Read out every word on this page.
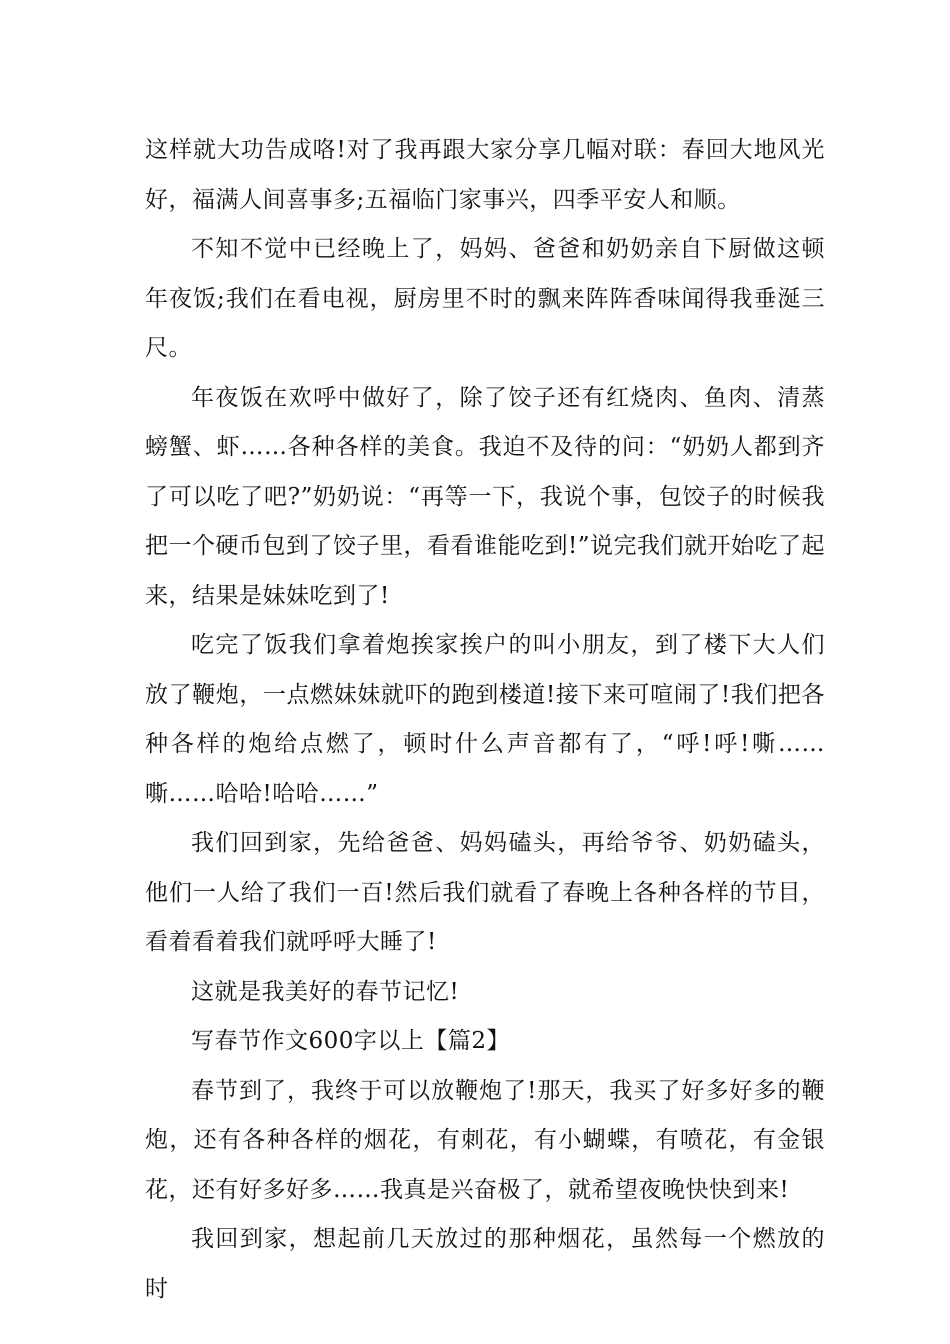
这样就大功告成咯!对了我再跟大家分享几幅对联：春回大地风光好，福满人间喜事多;五福临门家事兴，四季平安人和顺。

不知不觉中已经晚上了，妈妈、爸爸和奶奶亲自下厨做这顿年夜饭;我们在看电视，厨房里不时的飘来阵阵香味闻得我垂涎三尺。

年夜饭在欢呼中做好了，除了饺子还有红烧肉、鱼肉、清蒸螃蟹、虾……各种各样的美食。我迫不及待的问：“奶奶人都到齐了可以吃了吧?”奶奶说：“再等一下，我说个事，包饺子的时候我把一个硬币包到了饺子里，看看谁能吃到!”说完我们就开始吃了起来，结果是妹妹吃到了!

吃完了饭我们拿着炮挨家挨户的叫小朋友，到了楼下大人们放了鞭炮，一点燃妹妹就吓的跑到楼道!接下来可喧闹了!我们把各种各样的炮给点燃了，顿时什么声音都有了，“呼!呼!嘶……嘶……哈哈!哈哈……”

我们回到家，先给爸爸、妈妈磕头，再给爷爷、奶奶磕头，他们一人给了我们一百!然后我们就看了春晚上各种各样的节目，看着看着我们就呼呼大睡了!

这就是我美好的春节记忆!

写春节作文600字以上【篇2】

春节到了，我终于可以放鞭炮了!那天，我买了好多好多的鞭炮，还有各种各样的烟花，有刺花，有小蝴蝶，有喷花，有金银花，还有好多好多……我真是兴奋极了，就希望夜晚快快到来!

我回到家，想起前几天放过的那种烟花，虽然每一个燃放的时
